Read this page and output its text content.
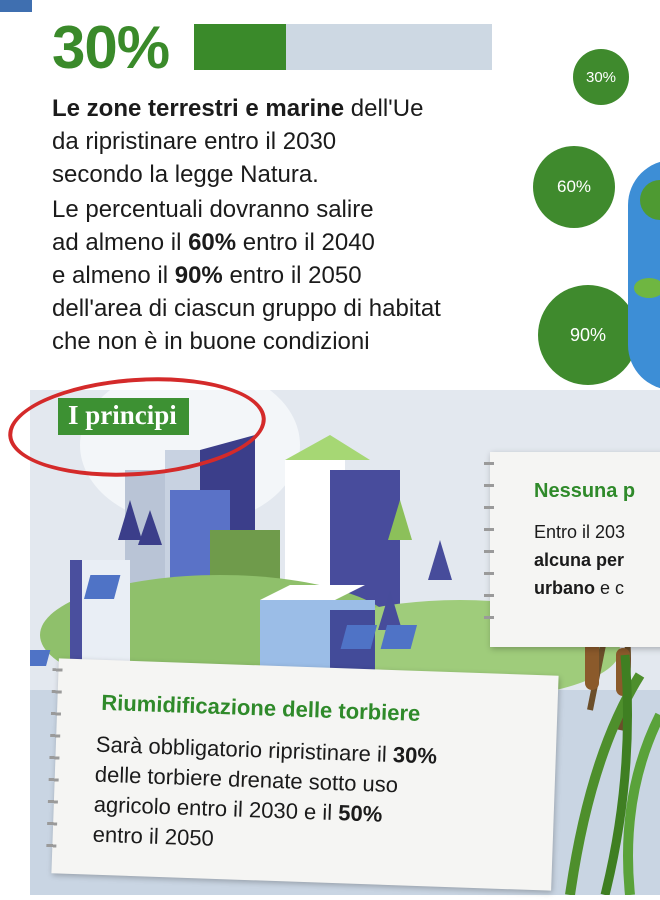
30%

Le zone terrestri e marine dell'Ue
da ripristinare entro il 2030
secondo la legge Natura.

Le percentuali dovranno salire
ad almeno il 60% entro il 2040
e almeno il 90% entro il 2050
dell'area di ciascun gruppo di habitat
che non è in buone condizioni

30%
60%
90%
I principi
Nessuna p
Entro il 203
alcuna per
urbano e c
Riumidificazione delle torbiere
Sarà obbligatorio ripristinare il 30%
delle torbiere drenate sotto uso
agricolo entro il 2030 e il 50%
entro il 2050
